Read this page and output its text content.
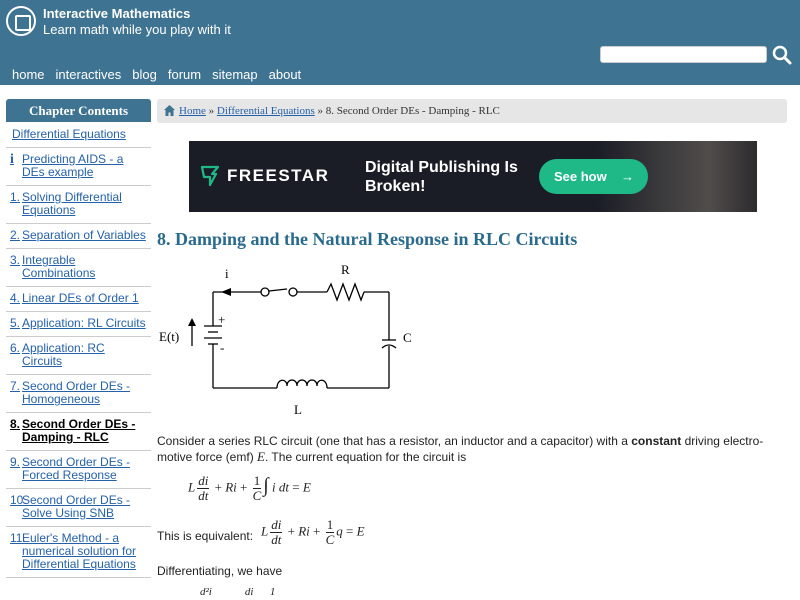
Interactive Mathematics
Learn math while you play with it
home interactives blog forum sitemap about
Chapter Contents
Differential Equations
i Predicting AIDS - a DEs example
1. Solving Differential Equations
2. Separation of Variables
3. Integrable Combinations
4. Linear DEs of Order 1
5. Application: RL Circuits
6. Application: RC Circuits
7. Second Order DEs - Homogeneous
8. Second Order DEs - Damping - RLC
9. Second Order DEs - Forced Response
10.
Second Order DEs - Solve Using SNB
11.
Euler's Method - a numerical solution for Differential Equations
Home » Differential Equations » 8. Second Order DEs - Damping - RLC
FREESTAR Digital Publishing Is Broken!
See how →
8. Damping and the Natural Response in RLC Circuits
i	R
C
L
E(t)
+
-
Consider a series RLC circuit (one that has a resistor, an inductor and a capacitor) with a constant driving electro-motive force (emf) E. The current equation for the circuit is
L $\frac{di}{dt} + Ri + \frac{1}{C}$ ∫ i dt = E
This is equivalent: L $\frac{di}{dt} + Ri + \frac{1}{C}$ q = E
Differentiating, we have
d²i            di      1
